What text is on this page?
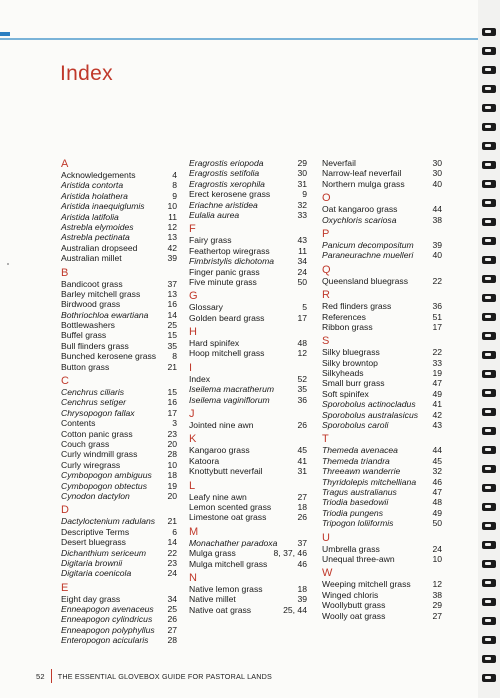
Index
A
Acknowledgements	4
Aristida contorta	8
Aristida holathera	9
Aristida inaequiglumis	10
Aristida latifolia	11
Astrebla elymoides	12
Astrebla pectinata	13
Australian dropseed	42
Australian millet	39
B
Bandicoot grass	37
Barley mitchell grass	13
Birdwood grass	16
Bothriochloa ewartiana	14
Bottlewashers	25
Buffel grass	15
Bull flinders grass	35
Bunched kerosene grass	8
Button grass	21
C
Cenchrus ciliaris	15
Cenchrus setiger	16
Chrysopogon fallax	17
Contents	3
Cotton panic grass	23
Couch grass	20
Curly windmill grass	28
Curly wiregrass	10
Cymbopogon ambiguus	18
Cymbopogon obtectus	19
Cynodon dactylon	20
D
Dactyloctenium radulans	21
Descriptive Terms	6
Desert bluegrass	14
Dichanthium sericeum	22
Digitaria brownii	23
Digitaria coenicola	24
E
Eight day grass	34
Enneapogon avenaceus	25
Enneapogon cylindricus	26
Enneapogon polyphyllus	27
Enteropogon acicularis	28
Eragrostis eriopoda	29
Eragrostis setifolia	30
Eragrostis xerophila	31
Erect kerosene grass	9
Eriachne aristidea	32
Eulalia aurea	33
F
Fairy grass	43
Feathertop wiregrass	11
Fimbristylis dichotoma	34
Finger panic grass	24
Five minute grass	50
G
Glossary	5
Golden beard grass	17
H
Hard spinifex	48
Hoop mitchell grass	12
I
Index	52
Iseilema macratherum	35
Iseilema vaginiflorum	36
J
Jointed nine awn	26
K
Kangaroo grass	45
Katoora	41
Knottybutt neverfail	31
L
Leafy nine awn	27
Lemon scented grass	18
Limestone oat grass	26
M
Monachather paradoxa	37
Mulga grass	8, 37, 46
Mulga mitchell grass	46
N
Native lemon grass	18
Native millet	39
Native oat grass	25, 44
Neverfail	30
Narrow-leaf neverfail	30
Northern mulga grass	40
O
Oat kangaroo grass	44
Oxychloris scariosa	38
P
Panicum decompositum	39
Paraneurachne muelleri	40
Q
Queensland bluegrass	22
R
Red flinders grass	36
References	51
Ribbon grass	17
S
Silky bluegrass	22
Silky browntop	33
Silkyheads	19
Small burr grass	47
Soft spinifex	49
Sporobolus actinocladus	41
Sporobolus australasicus	42
Sporobolus caroli	43
T
Themeda avenacea	44
Themeda triandra	45
Threeawn wanderrie	32
Thyridolepis mitchelliana	46
Tragus australianus	47
Triodia basedowii	48
Triodia pungens	49
Tripogon loliiformis	50
U
Umbrella grass	24
Unequal three-awn	10
W
Weeping mitchell grass	12
Winged chloris	38
Woollybutt grass	29
Woolly oat grass	27
52 THE ESSENTIAL GLOVEBOX GUIDE FOR PASTORAL LANDS
